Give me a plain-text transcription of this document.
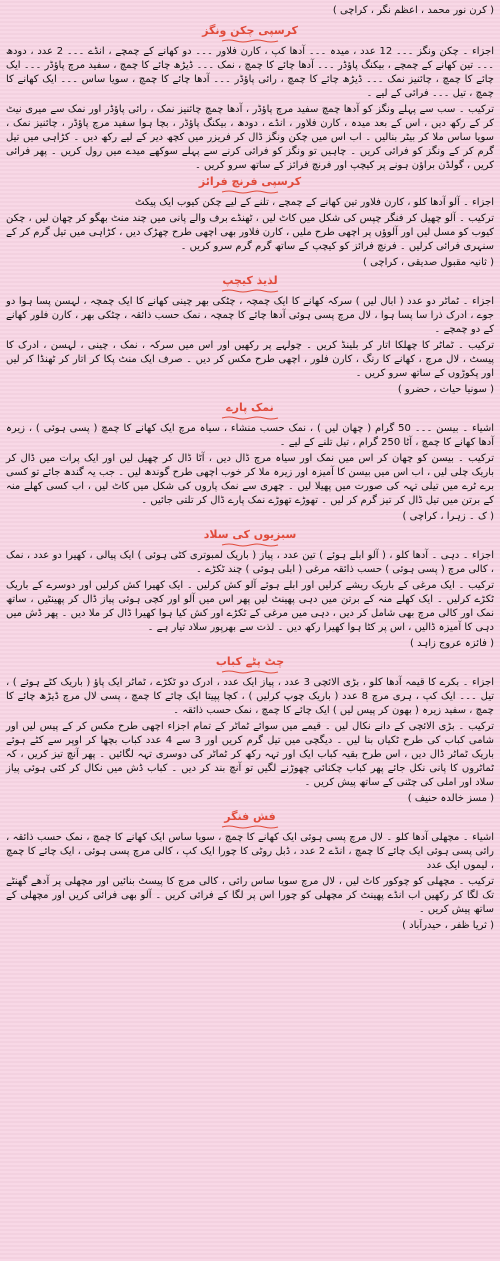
( کرن نور محمد ، اعظم نگر ، کراچی )
کرسپی چکن ونگز
اجزاء ۔ چکن ونگز ۔۔۔ 12 عدد ، میدہ ۔۔۔ آدھا کپ ، کارن فلاور ۔۔۔ دو کھانے کے چمچے ، انڈے ۔۔۔ 2 عدد ، دودھ ۔۔۔ تین کھانے کے چمچے ، بیکنگ پاؤڈر ۔۔۔ آدھا چائے کا چمچ ، نمک ۔۔۔ ڈیڑھ چائے کا چمچ ، سفید مرچ پاؤڈر ۔۔۔ ایک چائے کا چمچ ، چائنیز نمک ۔۔۔ ڈیڑھ چائے کا چمچ ، رائی پاؤڈر ۔۔۔ آدھا چائے کا چمچ ، سویا ساس ۔۔۔ ایک کھانے کا چمچ ، تیل ۔۔۔ فرائی کے لیے ۔
ترکیب ۔ سب سے پہلے ونگز کو آدھا چمچ سفید مرچ پاؤڈر ، آدھا چمچ چائنیز نمک ، رائی پاؤڈر اور نمک سے میری نیٹ کر کے رکھ دیں ، اس کے بعد میدہ ، کارن فلاور ، انڈے ، دودھ ، بیکنگ پاؤڈر ، بچا ہوا سفید مرچ پاؤڈر ، چائنیز نمک ، سویا ساس ملا کر بیٹر بنالیں ۔ اب اس میں چکن ونگز ڈال کر فریزر میں کچھ دیر کے لیے رکھ دیں ۔ کڑاہی میں تیل گرم کر کے ونگز کو فرائی کریں ۔ چاہیں تو ونگز کو فرائی کرنے سے پہلے سوکھے میدے میں رول کریں ۔ پھر فرائی کریں ، گولڈن براؤن ہونے پر کیچپ اور فرنچ فرائز کے ساتھ سرو کریں ۔
کرسپی فرنچ فرائز
اجزاء ۔ آلو آدھا کلو ، کارن فلاور تین کھانے کے چمچے ، تلنے کے لیے چکن کیوب ایک پیکٹ
ترکیب ۔ آلو چھیل کر فنگر چپس کی شکل میں کاٹ لیں ، ٹھنڈے برف والے پانی میں چند منٹ بھگو کر چھان لیں ، چکن کیوب کو مسل لیں اور آلوؤں پر اچھی طرح ملیں ، کارن فلاور بھی اچھی طرح چھڑک دیں ، کڑاہی میں تیل گرم کر کے سنہری فرائی کرلیں ۔ فرنچ فرائز کو کیچپ کے ساتھ گرم گرم سرو کریں ۔
( ثانیہ مقبول صدیقی ، کراچی )
لذیذ کیچپ
اجزاء ۔ ٹماٹر دو عدد ( ابال لیں ) سرکہ کھانے کا ایک چمچہ ، چٹکی بھر چینی کھانے کا ایک چمچہ ، لہسن پسا ہوا دو جوے ، ادرک ذرا سا پسا ہوا ، لال مرچ پسی ہوئی آدھا چائے کا چمچہ ، نمک حسب ذائقہ ، چٹکی بھر ، کارن فلور کھانے کے دو چمچے ۔
ترکیب ۔ ٹماٹر کا چھلکا اتار کر بلینڈ کریں ۔ چولہے پر رکھیں اور اس میں سرکہ ، نمک ، چینی ، لہسن ، ادرک کا پیسٹ ، لال مرچ ، کھانے کا رنگ ، کارن فلور ، اچھی طرح مکس کر دیں ۔ صرف ایک منٹ پکا کر اتار کر ٹھنڈا کر لیں اور پکوڑوں کے ساتھ سرو کریں ۔
( سونیا حیات ، حضرو )
نمک پارے
اشیاء ۔ بیسن ۔۔۔ 50 گرام ( چھان لیں ) ، نمک حسب منشاء ، سیاہ مرچ ایک کھانے کا چمچ ( پسی ہوئی ) ، زیرہ آدھا کھانے کا چمچ ، آٹا 250 گرام ، تیل تلنے کے لیے ۔
ترکیب ۔ بیسن کو چھان کر اس میں نمک اور سیاہ مرچ ڈال دیں ، آٹا ڈال کر چھیل لیں اور ایک پرات میں ڈال کر باریک چلی لیں ، اب اس میں بیسن کا آمیزہ اور زیرہ ملا کر خوب اچھی طرح گوندھ لیں ۔ جب یہ گندھ جائے تو کسی برے ٹرے میں تیلی تہہ کی صورت میں پھیلا لیں ۔ چھری سے نمک پاروں کی شکل میں کاٹ لیں ، اب کسی کھلے منہ کے برتن میں تیل ڈال کر تیز گرم کر لیں ۔ تھوڑے تھوڑے نمک پارے ڈال کر تلتی جائیں ۔
( ک ۔ زہرا ، کراچی )
سبزیوں کی سلاد
اجزاء ۔ دہی ۔ آدھا کلو ، ( آلو ابلے ہوئے ) تین عدد ، پیاز ( باریک لمبوتری کٹی ہوئی ) ایک پیالی ، کھیرا دو عدد ، نمک ، کالی مرچ ( پسی ہوئی ) حسب ذائقہ مرغی ( ابلی ہوئی ) چند ٹکڑے ۔
ترکیب ۔ ایک مرغی کے باریک ریشے کرلیں اور ابلے ہوئے آلو کش کرلیں ۔ ایک کھیرا کش کرلیں اور دوسرے کے باریک ٹکڑے کرلیں ۔ ایک کھلے منہ کے برتن میں دہی پھینٹ لیں پھر اس میں آلو اور کچی ہوئی پیاز ڈال کر پھینٹیں ، ساتھ نمک اور کالی مرچ بھی شامل کر دیں ، دہی میں مرغی کے ٹکڑے اور کش کیا ہوا کھیرا ڈال کر ملا دیں ۔ پھر ڈش میں دہی کا آمیزہ ڈالیں ، اس پر کٹا ہوا کھیرا رکھ دیں ۔ لذت سے بھرپور سلاد تیار ہے ۔
( فائزہ عروج زاہد )
چٹ پٹے کباب
اجزاء ۔ بکرے کا قیمہ آدھا کلو ، بڑی الائچی 3 عدد ، پیاز ایک عدد ، ادرک دو ٹکڑے ، ٹماٹر ایک پاؤ ( باریک کٹے ہوئے ) ، تیل ۔۔۔ ایک کپ ، ہری مرچ 8 عدد ( باریک چوپ کرلیں ) ، کچا پپیتا ایک چائے کا چمچ ، پسی لال مرچ ڈیڑھ چائے کا چمچ ، سفید زیرہ ( بھون کر پیس لیں ) ایک چائے کا چمچ ، نمک حسب ذائقہ ۔
ترکیب ۔ بڑی الائچی کے دانے نکال لیں ۔ قیمے میں سوائے ٹماٹر کے تمام اجزاء اچھی طرح مکس کر کے پیس لیں اور شامی کباب کی طرح ٹکیاں بنا لیں ۔ دیگچی میں تیل گرم کریں اور 3 سے 4 عدد کباب بچھا کر اوپر سے کٹے ہوئے باریک ٹماٹر ڈال دیں ، اس طرح بقیہ کباب ایک اور تہہ رکھ کر ٹماٹر کی دوسری تہہ لگائیں ۔ پھر آنچ تیز کریں ، کہ ٹماٹروں کا پانی نکل جائے پھر کباب چکنائی چھوڑنے لگیں تو آنچ بند کر دیں ۔ کباب ڈش میں نکال کر کئی ہوئی پیاز سلاد اور املی کی چٹنی کے ساتھ پیش کریں ۔
( مسز خالدہ حنیف )
فش فنگر
اشیاء ۔ مچھلی آدھا کلو ۔ لال مرچ پسی ہوئی ایک کھانے کا چمچ ، سویا ساس ایک کھانے کا چمچ ، نمک حسب ذائقہ ، رائی پسی ہوئی ایک چائے کا چمچ ، انڈے 2 عدد ، ڈبل روٹی کا چورا ایک کپ ، کالی مرچ پسی ہوئی ، ایک چائے کا چمچ ، لیموں ایک عدد
ترکیب ۔ مچھلی کو چوکور کاٹ لیں ، لال مرچ سویا ساس رائی ، کالی مرچ کا پیسٹ بنائیں اور مچھلی پر آدھے گھنٹے تک لگا کر رکھیں اب انڈے پھینٹ کر مچھلی کو چورا اس پر لگا کے فرائی کریں ۔ آلو بھی فرائی کریں اور مچھلی کے ساتھ پیش کریں ۔
( ثریا ظفر ، حیدرآباد )
